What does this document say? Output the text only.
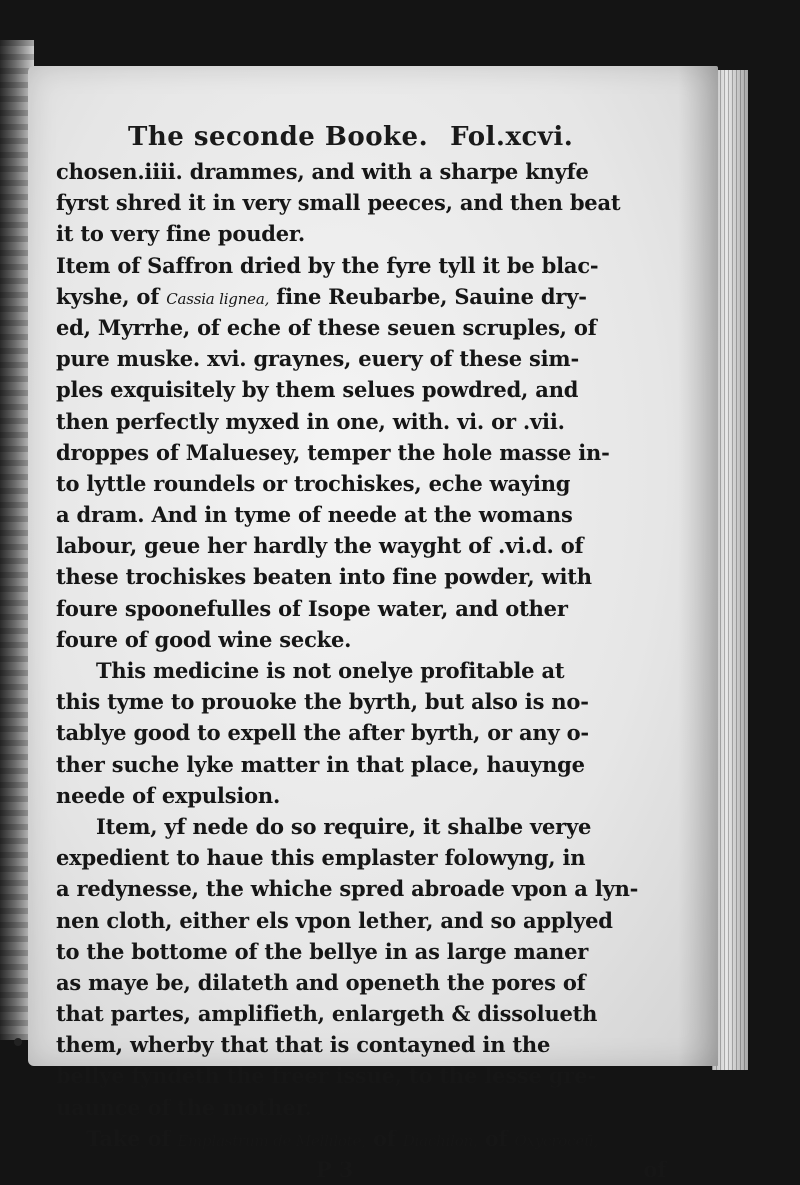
The seconde Booke. Fol.xcvi.
chosen.iiii. drammes, and with a sharpe knyfe
fyrst shred it in very small peeces, and then beat
it to very fine pouder.
Item of Saffron dried by the fyre tyll it be blac-
kyshe, of Cassia lignea, fine Reubarbe, Sauine dry-
ed, Myrrhe, of eche of these seuen scruples, of
pure muske. xvi. graynes, euery of these sim-
ples exquisitely by them selues powdred, and
then perfectly myxed in one, with. vi. or .vii.
droppes of Maluesey, temper the hole masse in-
to lyttle roundels or trochiskes, eche waying
a dram. And in tyme of neede at the womans
labour, geue her hardly the wayght of .vi.d. of
these trochiskes beaten into fine powder, with
foure spoonefulles of Isope water, and other
foure of good wine secke.
This medicine is not onelye profitable at
this tyme to prouoke the byrth, but also is no-
tablye good to expell the after byrth, or any o-
ther suche lyke matter in that place, hauynge
neede of expulsion.
Item, yf nede do so require, it shalbe verye
expedient to haue this emplaster folowyng, in
a redynesse, the whiche spred abroade vpon a lyn-
nen cloth, either els vpon lether, and so applyed
to the bottome of the bellye in as large maner
as maye be, dilateth and openeth the pores of
that partes, amplifieth, enlargeth & dissolueth
them, wherby that that is contayned in the
bellye fyndeth the freer issue, to the lesse gre-
uaunce of the mother.
Take of Emplastrum de Mellilote, of Diachilon, of Oxycroceū,
P 3	of
